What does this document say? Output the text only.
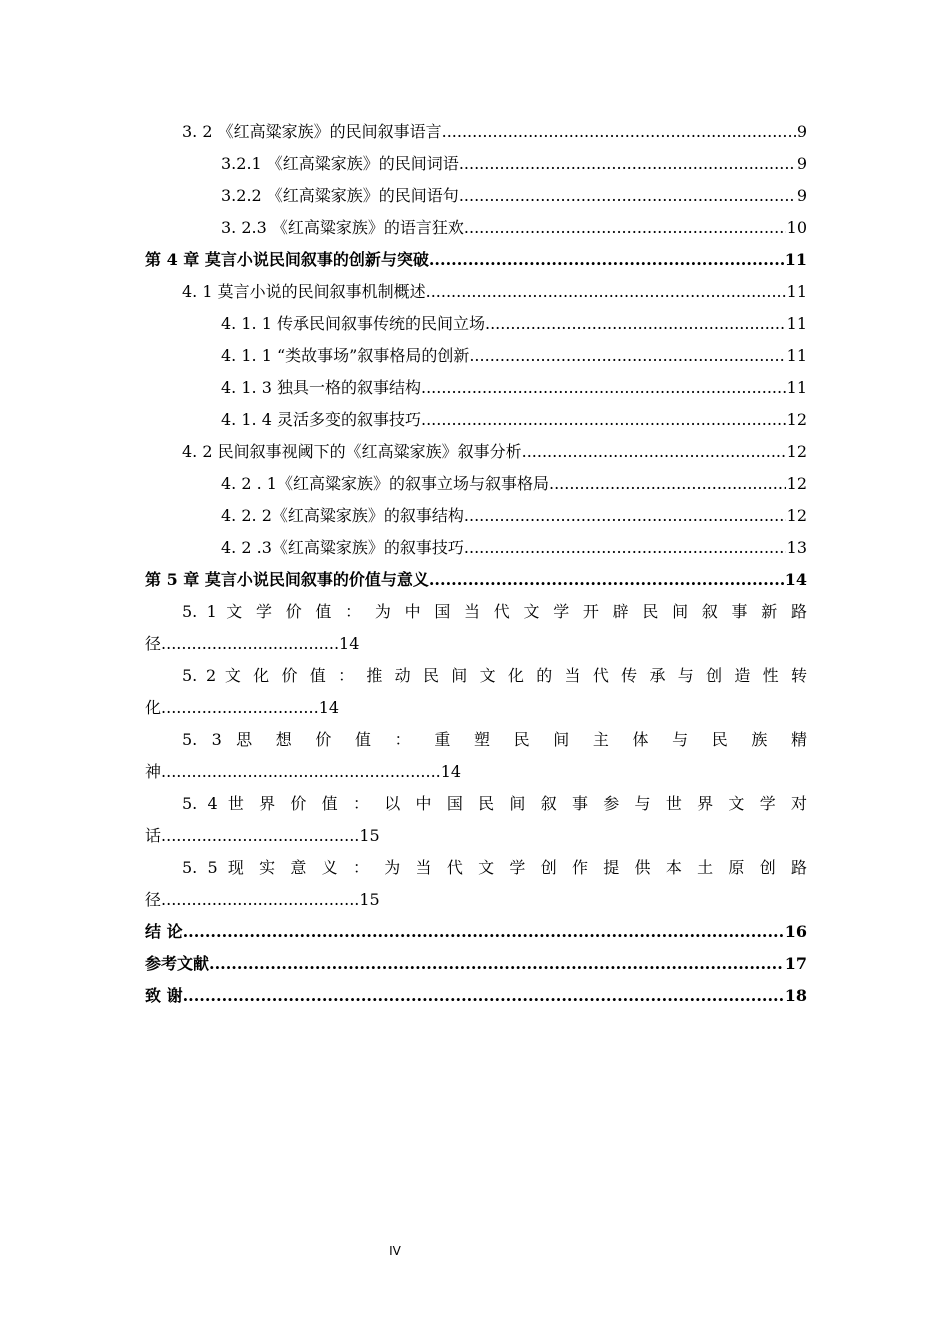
3. 2 《红高粱家族》的民间叙事语言 .....	9
3.2.1 《红高粱家族》的民间词语 .....	9
3.2.2 《红高粱家族》的民间语句 .....	9
3. 2.3 《红高粱家族》的语言狂欢 .....	10
第 4 章 莫言小说民间叙事的创新与突破 .....	11
4. 1 莫言小说的民间叙事机制概述 .....	11
4. 1. 1 传承民间叙事传统的民间立场 .....	11
4. 1. 1 “类故事场”叙事格局的创新 .....	11
4. 1. 3 独具一格的叙事结构 .....	11
4. 1. 4 灵活多变的叙事技巧 .....	12
4. 2 民间叙事视阈下的《红高粱家族》叙事分析 .....	12
4. 2 . 1《红高粱家族》的叙事立场与叙事格局 .....	12
4. 2. 2《红高粱家族》的叙事结构 .....	12
4. 2 .3《红高粱家族》的叙事技巧 .....	13
第 5 章 莫言小说民间叙事的价值与意义 .....	14
5. 1 文 学 价 值 ： 为 中 国 当 代 文 学 开 辟 民 间 叙 事 新 路
径...................................14
5. 2 文 化 价 值 ： 推 动 民 间 文 化 的 当 代 传 承 与 创 造 性 转
化...............................14
5. 3 思 想 价 值 ： 重 塑 民 间 主 体 与 民 族 精
神.......................................................14
5. 4 世 界 价 值 ： 以 中 国 民 间 叙 事 参 与 世 界 文 学 对
话.......................................15
5. 5 现 实 意 义 ： 为 当 代 文 学 创 作 提 供 本 土 原 创 路
径.......................................15
结 论 .....	16
参考文献 .....	17
致 谢 .....	18
IV
